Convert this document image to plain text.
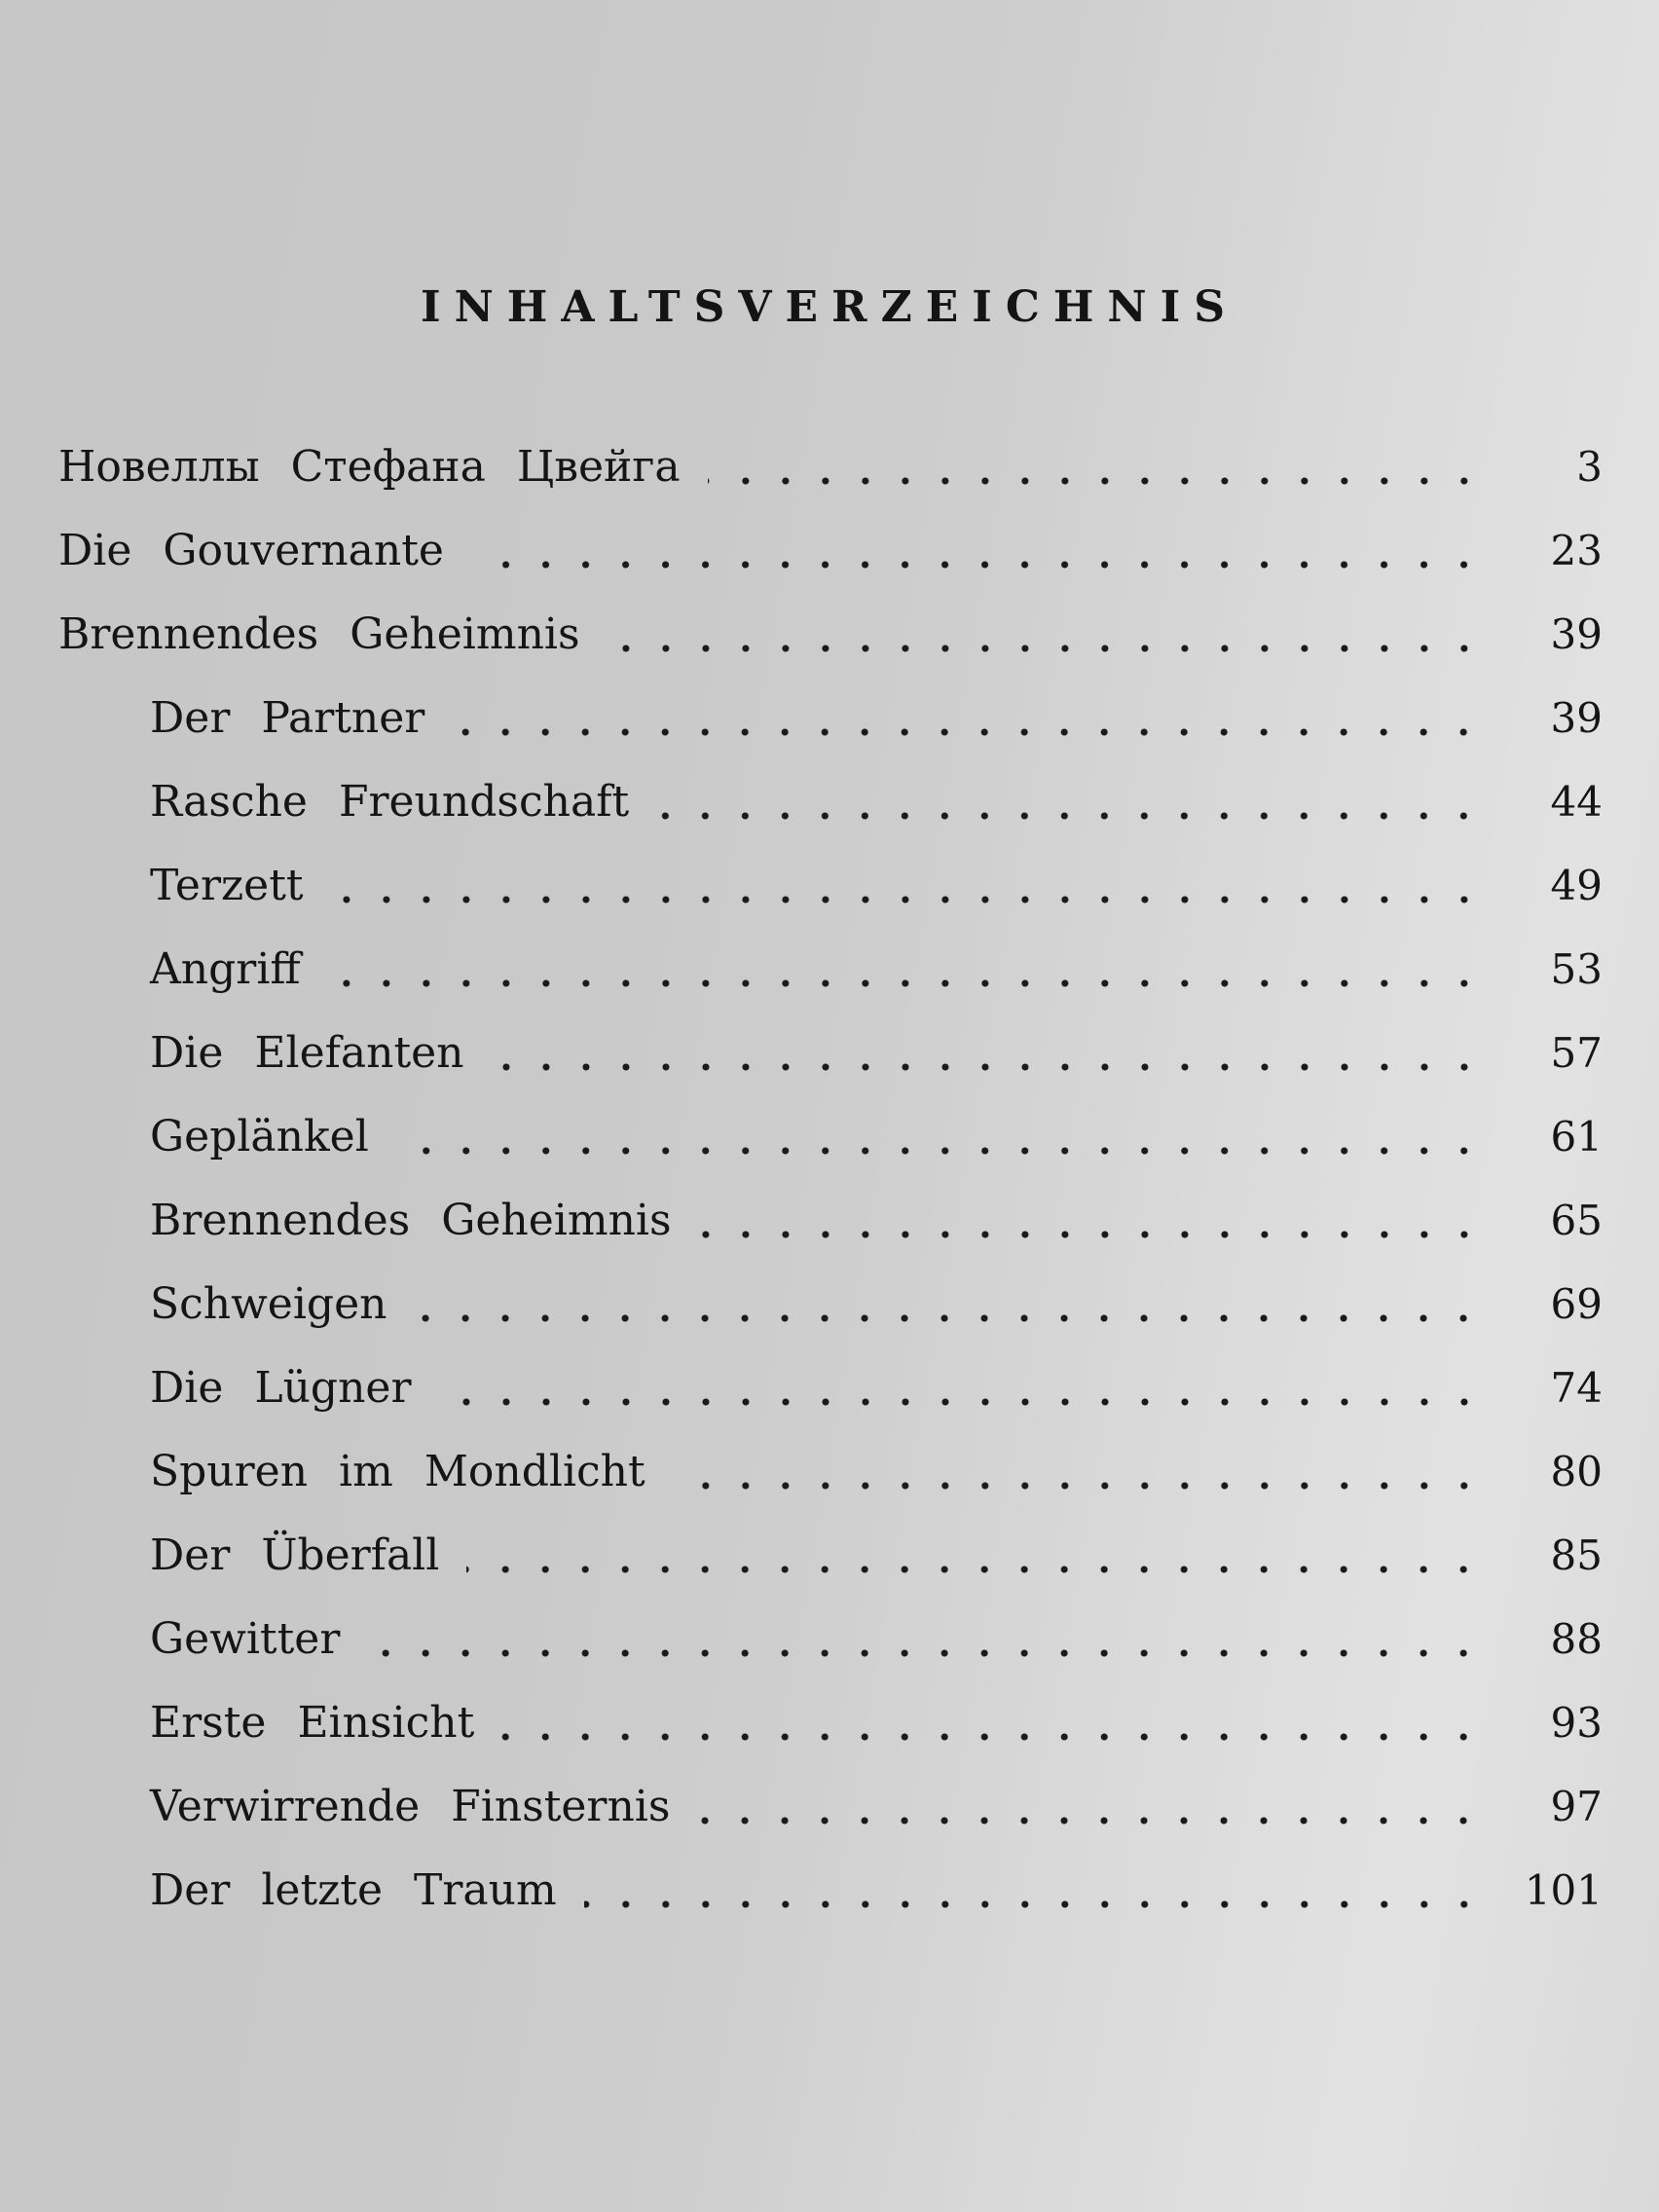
INHALTSVERZEICHNIS
Новеллы Стефана Цвейга	3
Die Gouvernante	23
Brennendes Geheimnis	39
Der Partner	39
Rasche Freundschaft	44
Terzett	49
Angriff	53
Die Elefanten	57
Geplänkel	61
Brennendes Geheimnis	65
Schweigen	69
Die Lügner	74
Spuren im Mondlicht	80
Der Überfall	85
Gewitter	88
Erste Einsicht	93
Verwirrende Finsternis	97
Der letzte Traum	101
